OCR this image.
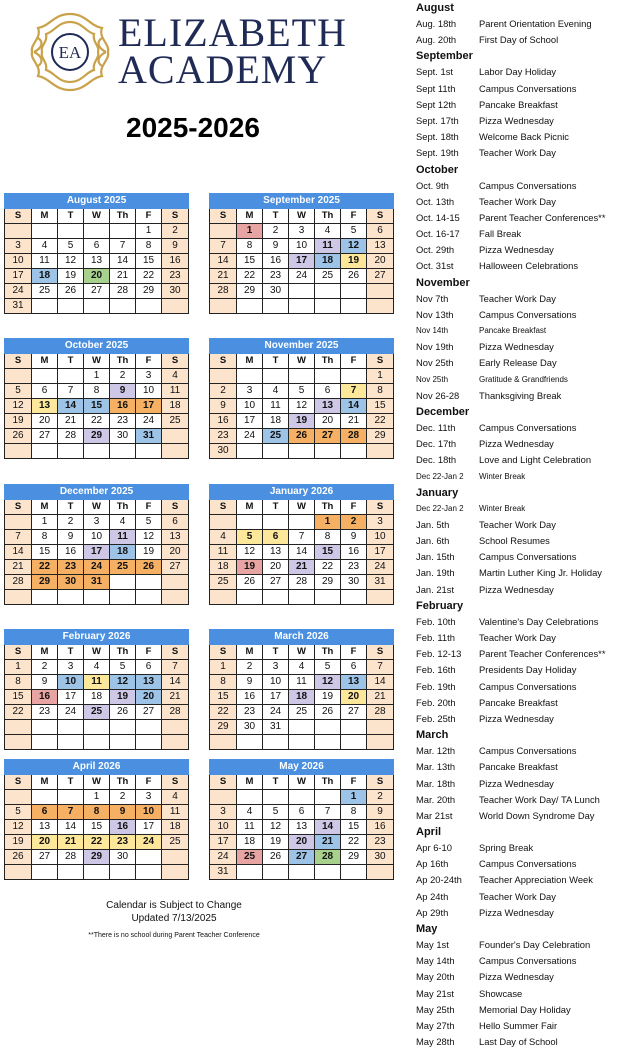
EA ELIZABETH
ACADEMY
2025-2026
August 2025						
S	M	T	W	Th	F	S
					1	2
3	4	5	6	7	8	9
10	11	12	13	14	15	16
17	18	19	20	21	22	23
24	25	26	27	28	29	30
31						
September 2025						
S	M	T	W	Th	F	S
	1	2	3	4	5	6
7	8	9	10	11	12	13
14	15	16	17	18	19	20
21	22	23	24	25	26	27
28	29	30				

October 2025						
S	M	T	W	Th	F	S
			1	2	3	4
5	6	7	8	9	10	11
12	13	14	15	16	17	18
19	20	21	22	23	24	25
26	27	28	29	30	31	

November 2025						
S	M	T	W	Th	F	S
						1
2	3	4	5	6	7	8
9	10	11	12	13	14	15
16	17	18	19	20	21	22
23	24	25	26	27	28	29
30						
December 2025						
S	M	T	W	Th	F	S
	1	2	3	4	5	6
7	8	9	10	11	12	13
14	15	16	17	18	19	20
21	22	23	24	25	26	27
28	29	30	31			

January 2026						
S	M	T	W	Th	F	S
				1	2	3
4	5	6	7	8	9	10
11	12	13	14	15	16	17
18	19	20	21	22	23	24
25	26	27	28	29	30	31

February 2026						
S	M	T	W	Th	F	S
1	2	3	4	5	6	7
8	9	10	11	12	13	14
15	16	17	18	19	20	21
22	23	24	25	26	27	28

March 2026						
S	M	T	W	Th	F	S
1	2	3	4	5	6	7
8	9	10	11	12	13	14
15	16	17	18	19	20	21
22	23	24	25	26	27	28
29	30	31				

April 2026						
S	M	T	W	Th	F	S
			1	2	3	4
5	6	7	8	9	10	11
12	13	14	15	16	17	18
19	20	21	22	23	24	25
26	27	28	29	30		

May 2026						
S	M	T	W	Th	F	S
					1	2
3	4	5	6	7	8	9
10	11	12	13	14	15	16
17	18	19	20	21	22	23
24	25	26	27	28	29	30
31						
Calendar is Subject to Change
Updated 7/13/2025
**There is no school during Parent Teacher Conference
August
Aug. 18th Parent Orientation Evening
Aug. 20th First Day of School
September
Sept. 1st	Labor Day Holiday
Sept 11th	Campus Conversations
Sept 12th Pancake Breakfast
Sept. 17th Pizza Wednesday
Sept. 18th Welcome Back Picnic
Sept. 19th Teacher Work Day
October
Oct. 9th	Campus Conversations
Oct. 13th	Teacher Work Day
Oct. 14-15 Parent Teacher Conferences**
Oct. 16-17 Fall Break
Oct. 29th	Pizza Wednesday
Oct. 31st	Halloween Celebrations
November
Nov 7th	Teacher Work Day
Nov 13th	Campus Conversations
Nov 14th	Pancake Breakfast
Nov 19th	Pizza Wednesday
Nov 25th	Early Release Day
Nov 25th	Gratitude & Grandfriends
Nov 26-28 Thanksgiving Break
December
Dec. 11th	Campus Conversations
Dec. 17th Pizza Wednesday
Dec. 18th Love and Light Celebration
Dec 22-Jan 2 Winter Break
January
Dec 22-Jan 2 Winter Break
Jan. 5th	Teacher Work Day
Jan. 6th	School Resumes
Jan. 15th	Campus Conversations
Jan. 19th	Martin Luther King Jr. Holiday
Jan. 21st	Pizza Wednesday
February
Feb. 10th Valentine's Day Celebrations
Feb. 11th	Teacher Work Day
Feb. 12-13 Parent Teacher Conferences**
Feb. 16th Presidents Day Holiday
Feb. 19th Campus Conversations
Feb. 20th Pancake Breakfast
Feb. 25th Pizza Wednesday
March
Mar. 12th	Campus Conversations
Mar. 13th	Pancake Breakfast
Mar. 18th	Pizza Wednesday
Mar. 20th	Teacher Work Day/ TA Lunch
Mar 21st	World Down Syndrome Day
April
Apr 6-10	Spring Break
Ap 16th	Campus Conversations
Ap 20-24th Teacher Appreciation Week
Ap 24th	Teacher Work Day
Ap 29th	Pizza Wednesday
May
May 1st	Founder's Day Celebration
May 14th	Campus Conversations
May 20th	Pizza Wednesday
May 21st	Showcase
May 25th	Memorial Day Holiday
May 27th	Hello Summer Fair
May 28th	Last Day of School
